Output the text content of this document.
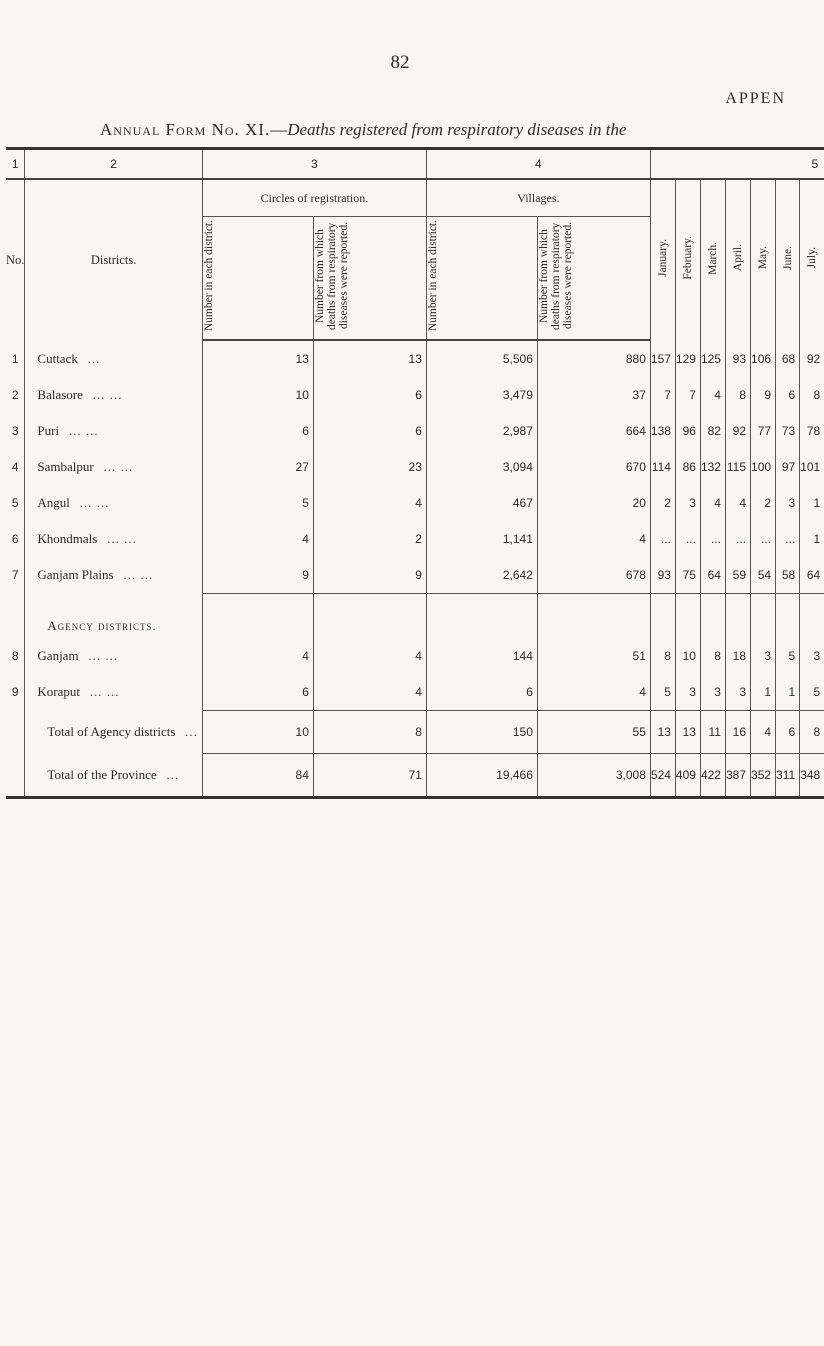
82
APPEN
Annual Form No. XI.—Deaths registered from respiratory diseases in the
1	2	3		4		5						
No.	Districts.	Circles of registration.		Villages.		January.	February.	March.	April.	May.	June.	July.
		Number in each district.	Number from which deaths from respiratory diseases were reported.	Number in each district.	Number from which deaths from respiratory diseases were reported.							
1	Cuttack ...	13	13	5,506	880	157	129	125	93	106	68	92
2	Balasore ... ...	10	6	3,479	37	7	7	4	8	9	6	8
3	Puri ... ...	6	6	2,987	664	138	96	82	92	77	73	78
4	Sambalpur ... ...	27	23	3,094	670	114	86	132	115	100	97	101
5	Angul ... ...	5	4	467	20	2	3	4	4	2	3	1
6	Khondmals ... ...	4	2	1,141	4	...	...	...	...	...	...	1
7	Ganjam Plains ... ...	9	9	2,642	678	93	75	64	59	54	58	64
	Agency districts.											
8	Ganjam ... ...	4	4	144	51	8	10	8	18	3	5	3
9	Koraput ... ...	6	4	6	4	5	3	3	3	1	1	5
	Total of Agency districts ...	10	8	150	55	13	13	11	16	4	6	8
	Total of the Province ...	84	71	19,466	3,008	524	409	422	387	352	311	348
